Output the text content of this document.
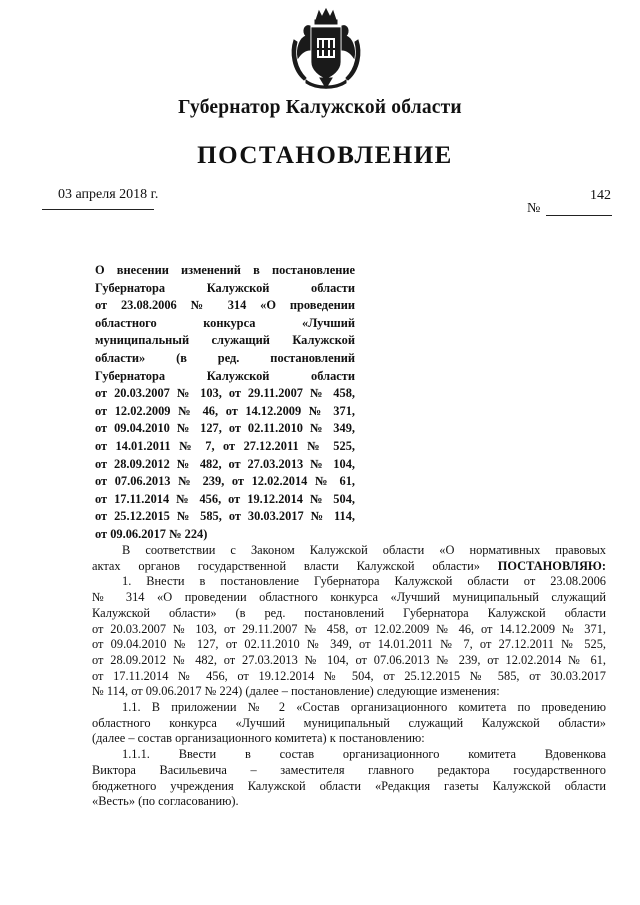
Губернатор Калужской области
ПОСТАНОВЛЕНИЕ
03 апреля 2018 г.	142
№
О внесении изменений в постановление
Губернатора Калужской области
от 23.08.2006 № 314 «О проведении
областного конкурса «Лучший
муниципальный служащий Калужской
области» (в ред. постановлений
Губернатора Калужской области
от 20.03.2007 № 103, от 29.11.2007 № 458,
от 12.02.2009 № 46, от 14.12.2009 № 371,
от 09.04.2010 № 127, от 02.11.2010 № 349,
от 14.01.2011 № 7, от 27.12.2011 № 525,
от 28.09.2012 № 482, от 27.03.2013 № 104,
от 07.06.2013 № 239, от 12.02.2014 № 61,
от 17.11.2014 № 456, от 19.12.2014 № 504,
от 25.12.2015 № 585, от 30.03.2017 № 114,
от 09.06.2017 № 224)
В соответствии с Законом Калужской области «О нормативных правовых
актах органов государственной власти Калужской области» ПОСТАНОВЛЯЮ:
1. Внести в постановление Губернатора Калужской области от 23.08.2006
№ 314 «О проведении областного конкурса «Лучший муниципальный служащий
Калужской области» (в ред. постановлений Губернатора Калужской области
от 20.03.2007 № 103, от 29.11.2007 № 458, от 12.02.2009 № 46, от 14.12.2009 № 371,
от 09.04.2010 № 127, от 02.11.2010 № 349, от 14.01.2011 № 7, от 27.12.2011 № 525,
от 28.09.2012 № 482, от 27.03.2013 № 104, от 07.06.2013 № 239, от 12.02.2014 № 61,
от 17.11.2014 № 456, от 19.12.2014 № 504, от 25.12.2015 № 585, от 30.03.2017
№ 114, от 09.06.2017 № 224) (далее – постановление) следующие изменения:
1.1. В приложении № 2 «Состав организационного комитета по проведению
областного конкурса «Лучший муниципальный служащий Калужской области»
(далее – состав организационного комитета) к постановлению:
1.1.1. Ввести в состав организационного комитета Вдовенкова
Виктора Васильевича – заместителя главного редактора государственного
бюджетного учреждения Калужской области «Редакция газеты Калужской области
«Весть» (по согласованию).
